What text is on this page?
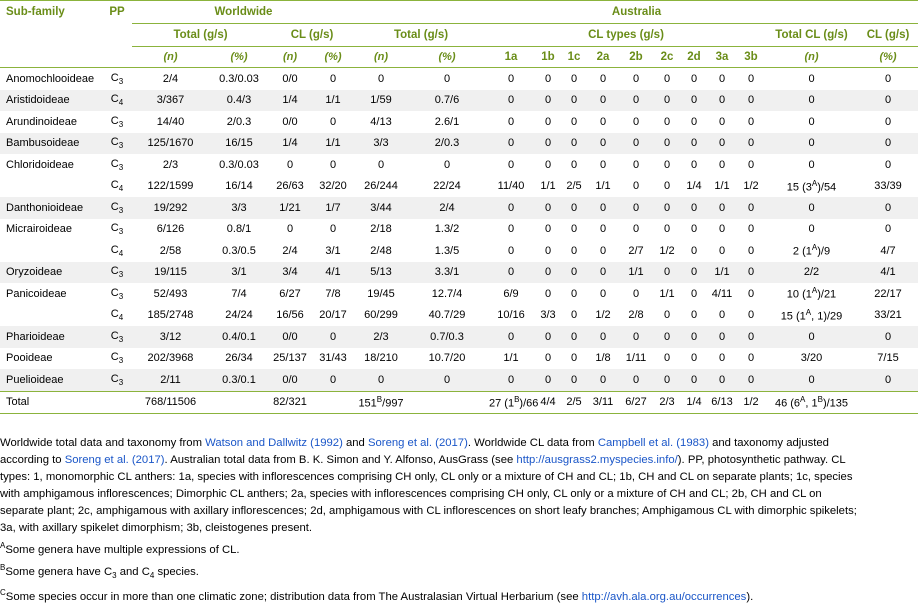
Sub-family	PP	Worldwide				Australia												
		Total (g/s)		CL (g/s)		Total (g/s)		CL types (g/s)									Total CL (g/s)	CL (g/s)
		(n)	(%)	(n)	(%)	(n)	(%)	1a	1b	1c	2a	2b	2c	2d	3a	3b	(n)	(%)
Anomochlooideae	$C_3$	2/4	0.3/0.03	0/0	0	0	0	0	0	0	0	0	0	0	0	0	0	0
Aristidoideae	$C_4$	3/367	0.4/3	1/4	1/1	1/59	0.7/6	0	0	0	0	0	0	0	0	0	0	0
Arundinoideae	$C_3$	14/40	2/0.3	0/0	0	4/13	2.6/1	0	0	0	0	0	0	0	0	0	0	0
Bambusoideae	$C_3$	125/1670	16/15	1/4	1/1	3/3	2/0.3	0	0	0	0	0	0	0	0	0	0	0
Chloridoideae	$C_3$	2/3	0.3/0.03	0	0	0	0	0	0	0	0	0	0	0	0	0	0	0
	$C_4$	122/1599	16/14	26/63	32/20	26/244	22/24	11/40	1/1	2/5	1/1	0	0	1/4	1/1	1/2	15 $(3^A)/54$	33/39
Danthonioideae	$C_3$	19/292	3/3	1/21	1/7	3/44	2/4	0	0	0	0	0	0	0	0	0	0	0
Micrairoideae	$C_3$	6/126	0.8/1	0	0	2/18	1.3/2	0	0	0	0	0	0	0	0	0	0	0
	$C_4$	2/58	0.3/0.5	2/4	3/1	2/48	1.3/5	0	0	0	0	2/7	1/2	0	0	0	2 $(1^A)/9$	4/7
Oryzoideae	$C_3$	19/115	3/1	3/4	4/1	5/13	3.3/1	0	0	0	0	1/1	0	0	1/1	0	2/2	4/1
Panicoideae	$C_3$	52/493	7/4	6/27	7/8	19/45	12.7/4	6/9	0	0	0	0	1/1	0	4/11	0	10 $(1^A)/21$	22/17
	$C_4$	185/2748	24/24	16/56	20/17	60/299	40.7/29	10/16	3/3	0	1/2	2/8	0	0	0	0	15 ($1^A$, 1)/29	33/21
Pharioideae	$C_3$	3/12	0.4/0.1	0/0	0	2/3	0.7/0.3	0	0	0	0	0	0	0	0	0	0	0
Pooideae	$C_3$	202/3968	26/34	25/137	31/43	18/210	10.7/20	1/1	0	0	1/8	1/11	0	0	0	0	3/20	7/15
Puelioideae	$C_3$	2/11	0.3/0.1	0/0	0	0	0	0	0	0	0	0	0	0	0	0	0	0
Total		768/11506		82/321		$151^B/997$		27 $(1^B)/66$	4/4	2/5	3/11	6/27	2/3	1/4	6/13	1/2	46 ($6^A$, $1^B)/135$	

Worldwide total data and taxonomy from Watson and Dallwitz (1992) and Soreng et al. (2017). Worldwide CL data from Campbell et al. (1983) and taxonomy adjusted according to Soreng et al. (2017). Australian total data from B. K. Simon and Y. Alfonso, AusGrass (see http://ausgrass2.myspecies.info/). PP, photosynthetic pathway. CL types: 1, monomorphic CL anthers: 1a, species with inflorescences comprising CH only, CL only or a mixture of CH and CL; 1b, CH and CL on separate plants; 1c, species with amphigamous inflorescences; Dimorphic CL anthers; 2a, species with inflorescences comprising CH only, CL only or a mixture of CH and CL; 2b, CH and CL on separate plant; 2c, amphigamous with axillary inflorescences; 2d, amphigamous with CL inflorescences on short leafy branches; Amphigamous CL with dimorphic spikelets; 3a, with axillary spikelet dimorphism; 3b, cleistogenes present.

$^A$Some genera have multiple expressions of CL.

$^B$Some genera have $C_3$ and $C_4$ species.

$^C$Some species occur in more than one climatic zone; distribution data from The Australasian Virtual Herbarium (see http://avh.ala.org.au/occurrences).
